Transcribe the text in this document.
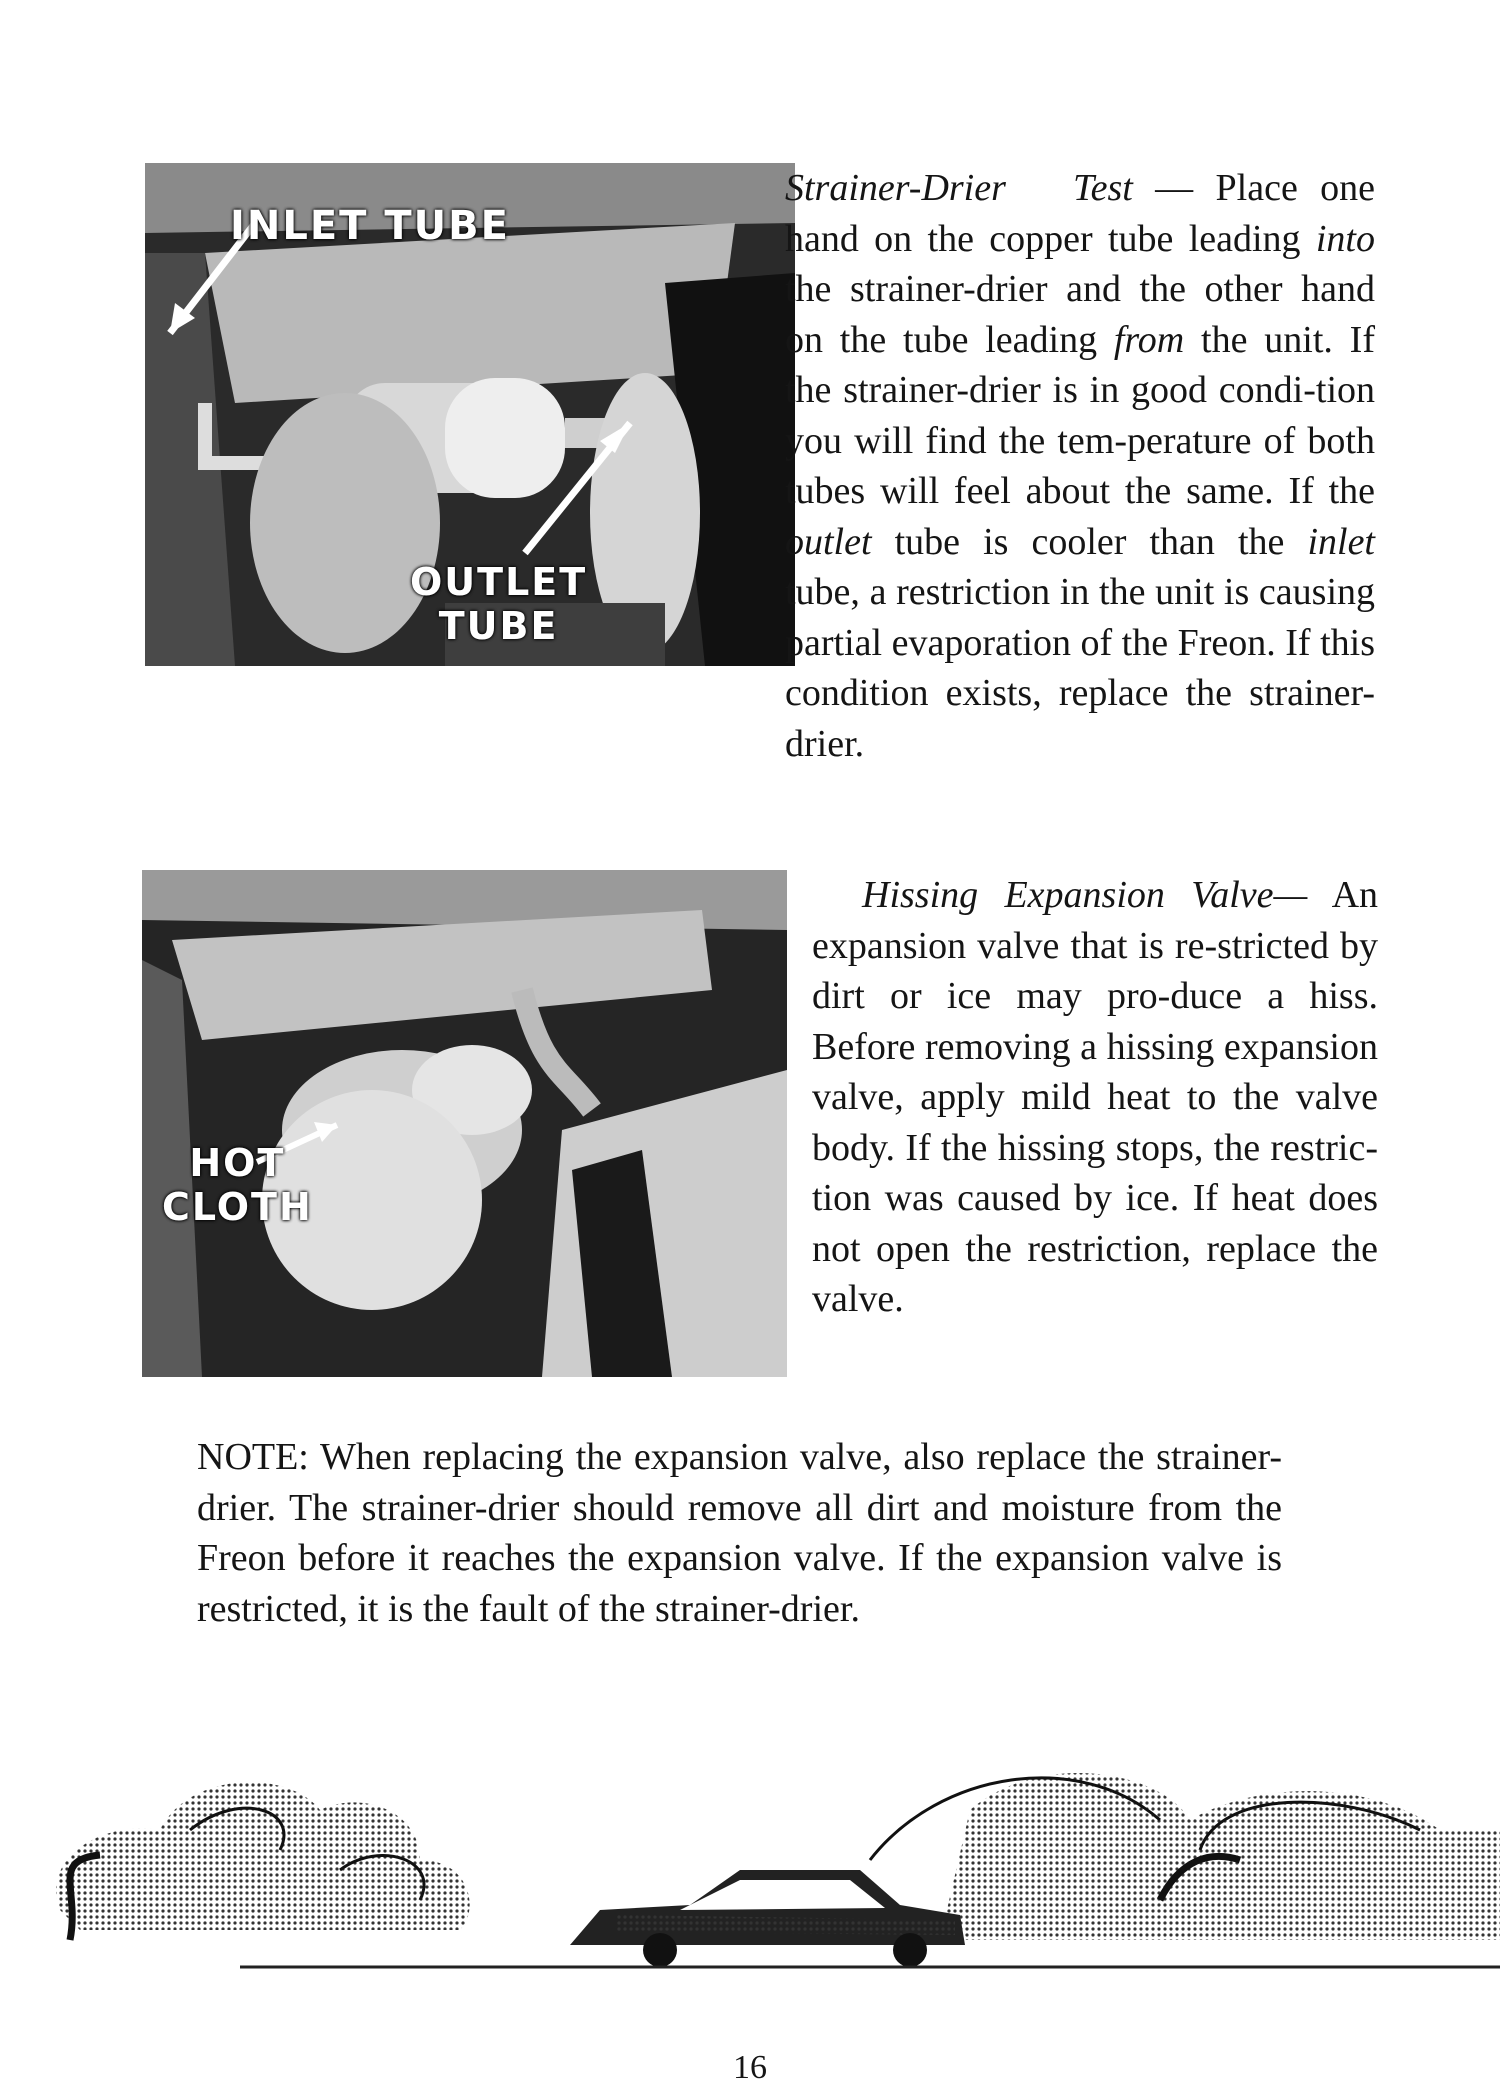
INLET TUBE
OUTLET
TUBE
HOT
CLOTH
Strainer-Drier Test — Place one hand on the copper tube leading into the strainer-drier and the other hand on the tube leading from the unit. If the strainer-drier is in good condi-tion you will find the tem-perature of both tubes will feel about the same. If the outlet tube is cooler than the inlet tube, a restriction in the unit is causing partial evaporation of the Freon. If this condition exists, replace the strainer-drier.
Hissing Expansion Valve— An expansion valve that is re-stricted by dirt or ice may pro-duce a hiss. Before removing a hissing expansion valve, apply mild heat to the valve body. If the hissing stops, the restric-tion was caused by ice. If heat does not open the restriction, replace the valve.
NOTE: When replacing the expansion valve, also replace the strainer-drier. The strainer-drier should remove all dirt and moisture from the Freon before it reaches the expansion valve. If the expansion valve is restricted, it is the fault of the strainer-drier.
16
